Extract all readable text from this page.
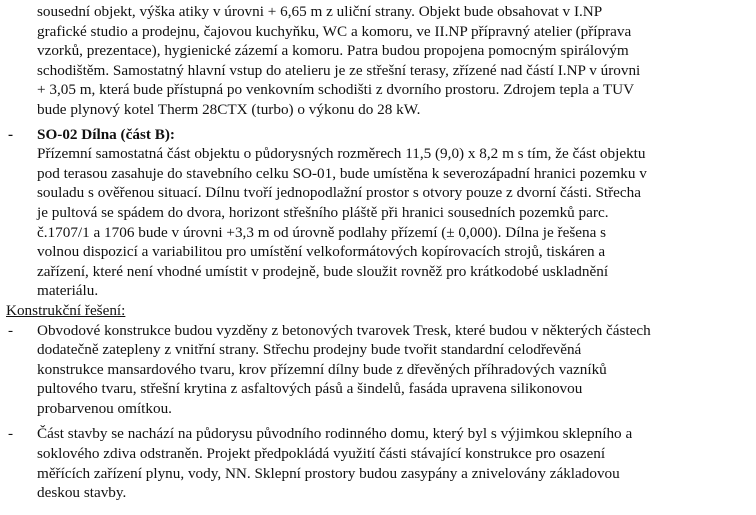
sousední objekt, výška atiky v úrovni + 6,65 m z uliční strany. Objekt bude obsahovat v I.NP
grafické studio a prodejnu, čajovou kuchyňku, WC a komoru, ve II.NP přípravný atelier (příprava
vzorků, prezentace), hygienické zázemí a komoru. Patra budou propojena pomocným spirálovým
schodištěm. Samostatný hlavní vstup do atelieru je ze střešní terasy, zřízené nad částí I.NP v úrovni
+ 3,05 m, která bude přístupná po venkovním schodišti z dvorního prostoru. Zdrojem tepla a TUV
bude plynový kotel Therm 28CTX (turbo) o výkonu do 28 kW.
-	SO-02 Dílna (část B):
Přízemní samostatná část objektu o půdorysných rozměrech 11,5 (9,0) x 8,2 m s tím, že část objektu
pod terasou zasahuje do stavebního celku SO-01, bude umístěna k severozápadní hranici pozemku v
souladu s ověřenou situací. Dílnu tvoří jednopodlažní prostor s otvory pouze z dvorní části. Střecha
je pultová se spádem do dvora, horizont střešního pláště při hranici sousedních pozemků parc.
č.1707/1 a 1706 bude v úrovni +3,3 m od úrovně podlahy přízemí (± 0,000). Dílna je řešena s
volnou dispozicí a variabilitou pro umístění velkoformátových kopírovacích strojů, tiskáren a
zařízení, které není vhodné umístit v prodejně, bude sloužit rovněž pro krátkodobé uskladnění
materiálu.
Konstrukční řešení:
-	Obvodové konstrukce budou vyzděny z betonových tvarovek Tresk, které budou v některých částech
dodatečně zatepleny z vnitřní strany. Střechu prodejny bude tvořit standardní celodřevěná
konstrukce mansardového tvaru, krov přízemní dílny bude z dřevěných příhradových vazníků
pultového tvaru, střešní krytina z asfaltových pásů a šindelů, fasáda upravena silikonovou
probarvenou omítkou.
-	Část stavby se nachází na půdorysu původního rodinného domu, který byl s výjimkou sklepního a
soklového zdiva odstraněn. Projekt předpokládá využití části stávající konstrukce pro osazení
měřících zařízení plynu, vody, NN. Sklepní prostory budou zasypány a znivelovány základovou
deskou stavby.
